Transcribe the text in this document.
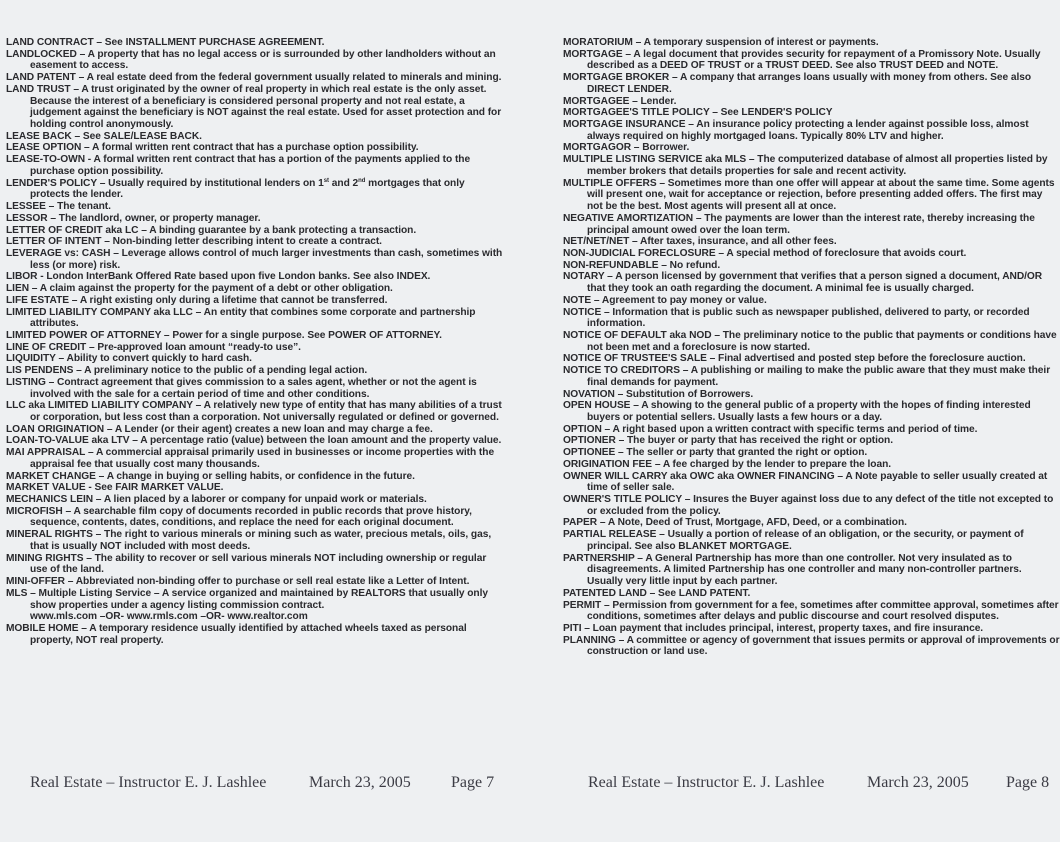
LAND CONTRACT – See INSTALLMENT PURCHASE AGREEMENT.

LANDLOCKED – A property that has no legal access or is surrounded by other landholders without an easement to access.

LAND PATENT – A real estate deed from the federal government usually related to minerals and mining.

LAND TRUST – A trust originated by the owner of real property in which real estate is the only asset. Because the interest of a beneficiary is considered personal property and not real estate, a judgement against the beneficiary is NOT against the real estate. Used for asset protection and for holding control anonymously.

LEASE BACK – See SALE/LEASE BACK.

LEASE OPTION – A formal written rent contract that has a purchase option possibility.

LEASE-TO-OWN - A formal written rent contract that has a portion of the payments applied to the purchase option possibility.

LENDER'S POLICY – Usually required by institutional lenders on 1st and 2nd mortgages that only protects the lender.

LESSEE – The tenant.

LESSOR – The landlord, owner, or property manager.

LETTER OF CREDIT aka LC – A binding guarantee by a bank protecting a transaction.

LETTER OF INTENT – Non-binding letter describing intent to create a contract.

LEVERAGE vs: CASH – Leverage allows control of much larger investments than cash, sometimes with less (or more) risk.

LIBOR - London InterBank Offered Rate based upon five London banks. See also INDEX.

LIEN – A claim against the property for the payment of a debt or other obligation.

LIFE ESTATE – A right existing only during a lifetime that cannot be transferred.

LIMITED LIABILITY COMPANY aka LLC – An entity that combines some corporate and partnership attributes.

LIMITED POWER OF ATTORNEY – Power for a single purpose. See POWER OF ATTORNEY.

LINE OF CREDIT – Pre-approved loan amount “ready-to use”.

LIQUIDITY – Ability to convert quickly to hard cash.

LIS PENDENS – A preliminary notice to the public of a pending legal action.

LISTING – Contract agreement that gives commission to a sales agent, whether or not the agent is involved with the sale for a certain period of time and other conditions.

LLC aka LIMITED LIABILITY COMPANY – A relatively new type of entity that has many abilities of a trust or corporation, but less cost than a corporation. Not universally regulated or defined or governed.

LOAN ORIGINATION – A Lender (or their agent) creates a new loan and may charge a fee.

LOAN-TO-VALUE aka LTV – A percentage ratio (value) between the loan amount and the property value.

MAI APPRAISAL – A commercial appraisal primarily used in businesses or income properties with the appraisal fee that usually cost many thousands.

MARKET CHANGE – A change in buying or selling habits, or confidence in the future.

MARKET VALUE - See FAIR MARKET VALUE.

MECHANICS LEIN – A lien placed by a laborer or company for unpaid work or materials.

MICROFISH – A searchable film copy of documents recorded in public records that prove history, sequence, contents, dates, conditions, and replace the need for each original document.

MINERAL RIGHTS – The right to various minerals or mining such as water, precious metals, oils, gas, that is usually NOT included with most deeds.

MINING RIGHTS – The ability to recover or sell various minerals NOT including ownership or regular use of the land.

MINI-OFFER – Abbreviated non-binding offer to purchase or sell real estate like a Letter of Intent.

MLS – Multiple Listing Service – A service organized and maintained by REALTORS that usually only show properties under a agency listing commission contract.

www.mls.com –OR- www.rmls.com –OR- www.realtor.com

MOBILE HOME – A temporary residence usually identified by attached wheels taxed as personal property, NOT real property.

Real Estate – Instructor E. J. Lashlee	March 23, 2005	Page 7

MORATORIUM – A temporary suspension of interest or payments.

MORTGAGE – A legal document that provides security for repayment of a Promissory Note. Usually described as a DEED OF TRUST or a TRUST DEED. See also TRUST DEED and NOTE.

MORTGAGE BROKER – A company that arranges loans usually with money from others. See also DIRECT LENDER.

MORTGAGEE – Lender.

MORTGAGEE'S TITLE POLICY – See LENDER'S POLICY

MORTGAGE INSURANCE – An insurance policy protecting a lender against possible loss, almost always required on highly mortgaged loans. Typically 80% LTV and higher.

MORTGAGOR – Borrower.

MULTIPLE LISTING SERVICE aka MLS – The computerized database of almost all properties listed by member brokers that details properties for sale and recent activity.

MULTIPLE OFFERS – Sometimes more than one offer will appear at about the same time. Some agents will present one, wait for acceptance or rejection, before presenting added offers. The first may not be the best. Most agents will present all at once.

NEGATIVE AMORTIZATION – The payments are lower than the interest rate, thereby increasing the principal amount owed over the loan term.

NET/NET/NET – After taxes, insurance, and all other fees.

NON-JUDICIAL FORECLOSURE – A special method of foreclosure that avoids court.

NON-REFUNDABLE – No refund.

NOTARY – A person licensed by government that verifies that a person signed a document, AND/OR that they took an oath regarding the document. A minimal fee is usually charged.

NOTE – Agreement to pay money or value.

NOTICE – Information that is public such as newspaper published, delivered to party, or recorded information.

NOTICE OF DEFAULT aka NOD – The preliminary notice to the public that payments or conditions have not been met and a foreclosure is now started.

NOTICE OF TRUSTEE'S SALE – Final advertised and posted step before the foreclosure auction.

NOTICE TO CREDITORS – A publishing or mailing to make the public aware that they must make their final demands for payment.

NOVATION – Substitution of Borrowers.

OPEN HOUSE – A showing to the general public of a property with the hopes of finding interested buyers or potential sellers. Usually lasts a few hours or a day.

OPTION – A right based upon a written contract with specific terms and period of time.

OPTIONER – The buyer or party that has received the right or option.

OPTIONEE – The seller or party that granted the right or option.

ORIGINATION FEE – A fee charged by the lender to prepare the loan.

OWNER WILL CARRY aka OWC aka OWNER FINANCING – A Note payable to seller usually created at time of seller sale.

OWNER'S TITLE POLICY – Insures the Buyer against loss due to any defect of the title not excepted to or excluded from the policy.

PAPER – A Note, Deed of Trust, Mortgage, AFD, Deed, or a combination.

PARTIAL RELEASE – Usually a portion of release of an obligation, or the security, or payment of principal. See also BLANKET MORTGAGE.

PARTNERSHIP – A General Partnership has more than one controller. Not very insulated as to disagreements. A limited Partnership has one controller and many non-controller partners. Usually very little input by each partner.

PATENTED LAND – See LAND PATENT.

PERMIT – Permission from government for a fee, sometimes after committee approval, sometimes after conditions, sometimes after delays and public discourse and court resolved disputes.

PITI – Loan payment that includes principal, interest, property taxes, and fire insurance.

PLANNING – A committee or agency of government that issues permits or approval of improvements or construction or land use.

Real Estate – Instructor E. J. Lashlee	March 23, 2005 Page 8
